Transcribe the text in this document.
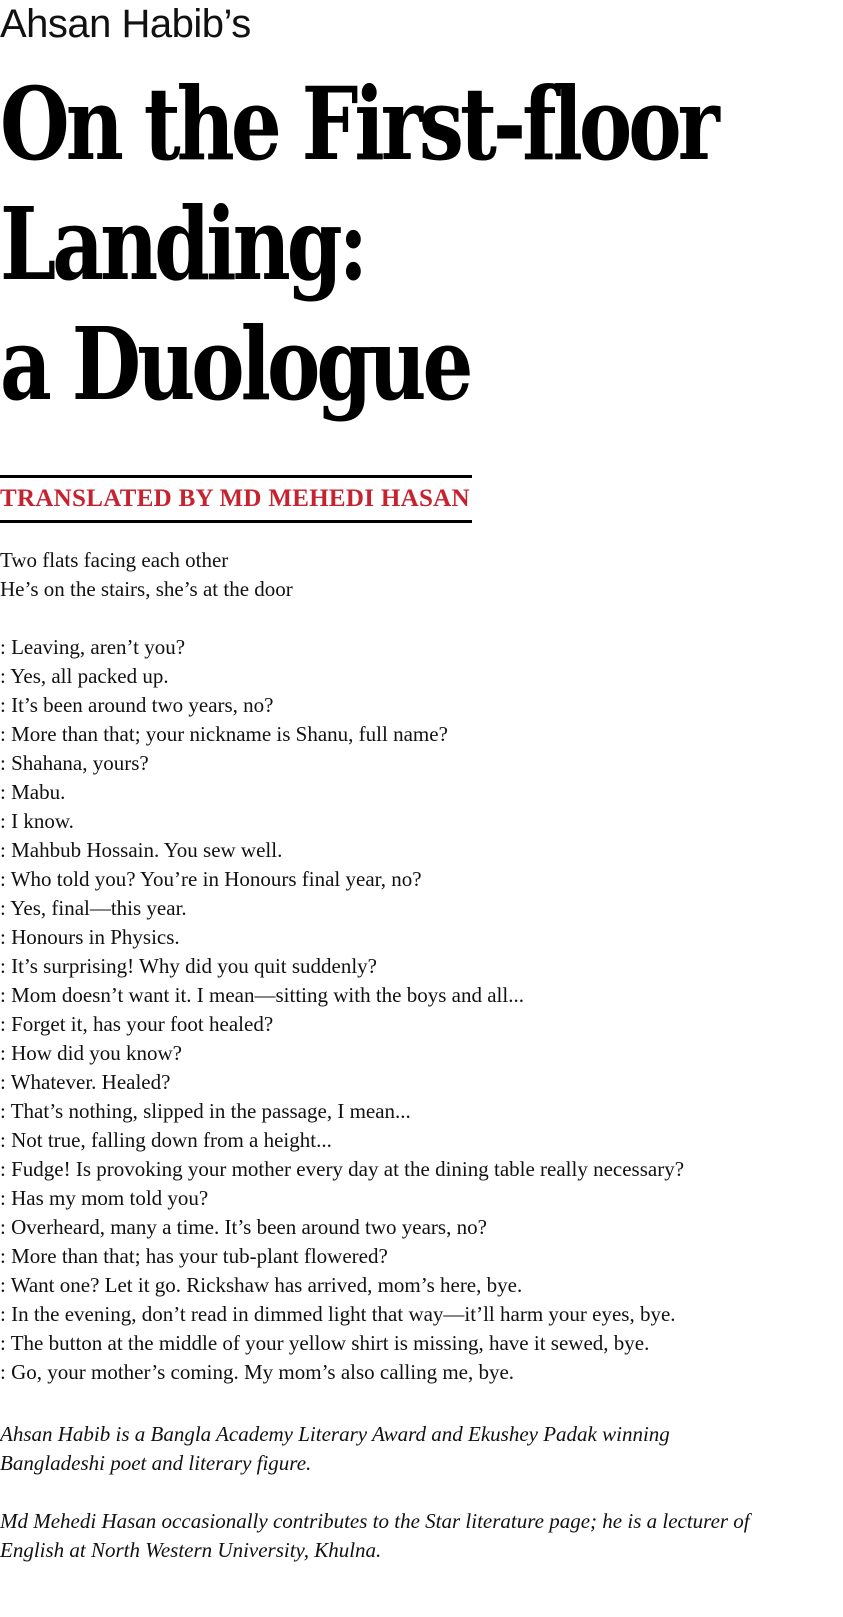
Ahsan Habib’s

On the First-floor
Landing:
a Duologue

TRANSLATED BY MD MEHEDI HASAN

Two flats facing each other
He’s on the stairs, she’s at the door
: Leaving, aren’t you?
: Yes, all packed up.
: It’s been around two years, no?
: More than that; your nickname is Shanu, full name?
: Shahana, yours?
: Mabu.
: I know.
: Mahbub Hossain. You sew well.
: Who told you? You’re in Honours final year, no?
: Yes, final—this year.
: Honours in Physics.
: It’s surprising! Why did you quit suddenly?
: Mom doesn’t want it. I mean—sitting with the boys and all...
: Forget it, has your foot healed?
: How did you know?
: Whatever. Healed?
: That’s nothing, slipped in the passage, I mean...
: Not true, falling down from a height...
: Fudge! Is provoking your mother every day at the dining table really necessary?
: Has my mom told you?
: Overheard, many a time. It’s been around two years, no?
: More than that; has your tub-plant flowered?
: Want one? Let it go. Rickshaw has arrived, mom’s here, bye.
: In the evening, don’t read in dimmed light that way—it’ll harm your eyes, bye.
: The button at the middle of your yellow shirt is missing, have it sewed, bye.
: Go, your mother’s coming. My mom’s also calling me, bye.
Ahsan Habib is a Bangla Academy Literary Award and Ekushey Padak winning
Bangladeshi poet and literary figure.
Md Mehedi Hasan occasionally contributes to the Star literature page; he is a lecturer of
English at North Western University, Khulna.
